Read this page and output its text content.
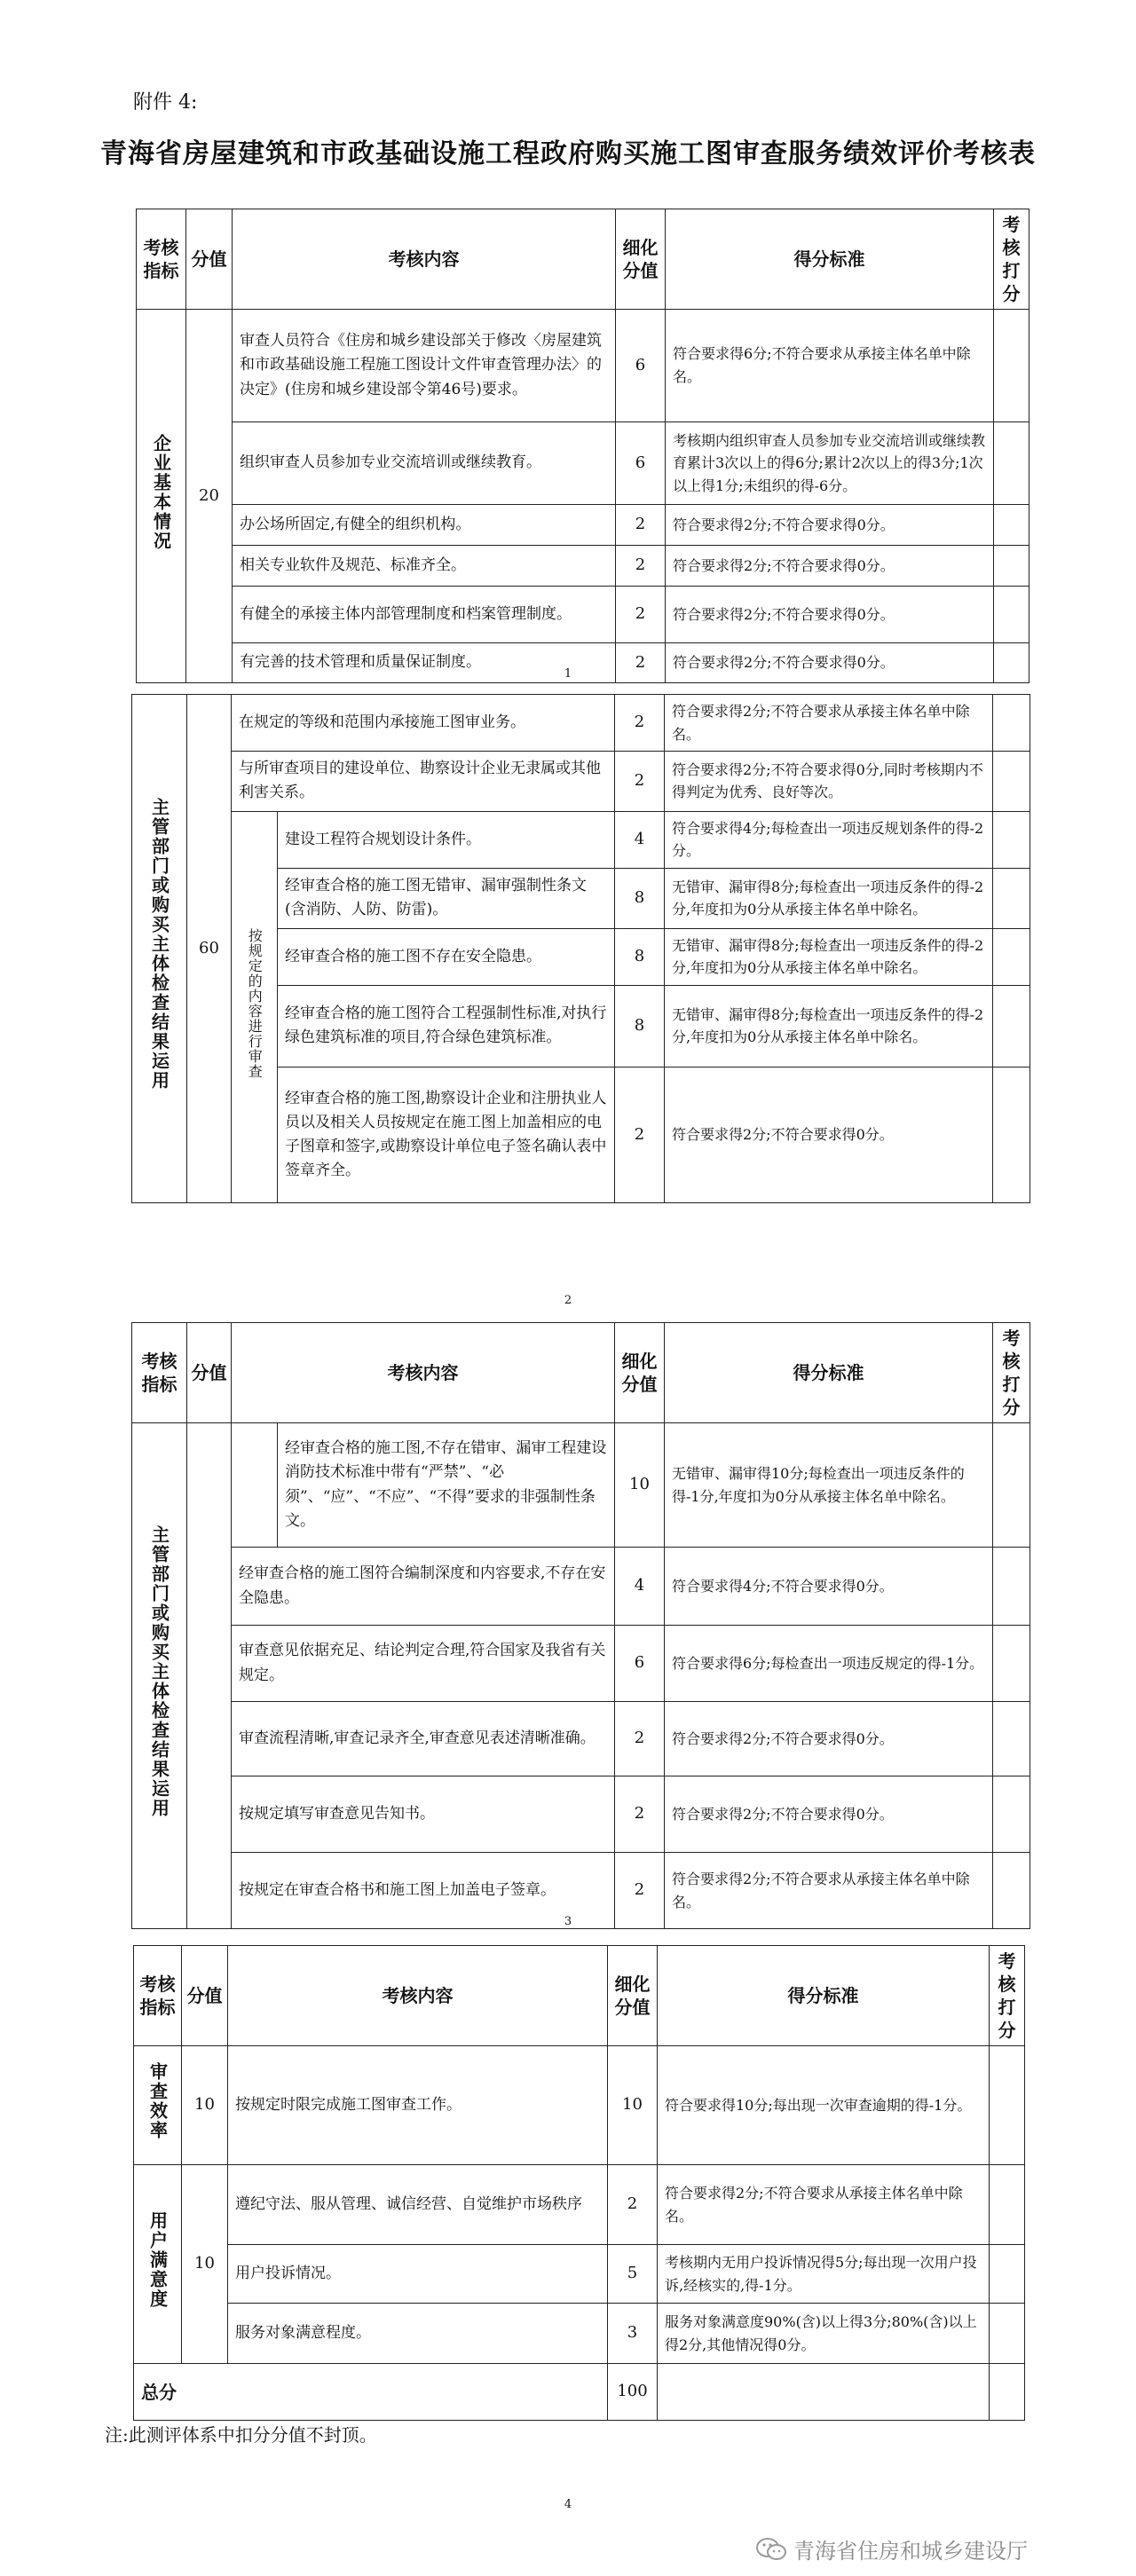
附件 4:
青海省房屋建筑和市政基础设施工程政府购买施工图审查服务绩效评价考核表
考核指标	分值	考核内容	细化分值	得分标准	考核打分
企业基本情况	20	审查人员符合《住房和城乡建设部关于修改〈房屋建筑和市政基础设施工程施工图设计文件审查管理办法〉的决定》(住房和城乡建设部令第46号)要求。	6	符合要求得6分;不符合要求从承接主体名单中除名。	
		组织审查人员参加专业交流培训或继续教育。	6	考核期内组织审查人员参加专业交流培训或继续教育累计3次以上的得6分;累计2次以上的得3分;1次以上得1分;未组织的得-6分。	
		办公场所固定,有健全的组织机构。	2	符合要求得2分;不符合要求得0分。	
		相关专业软件及规范、标准齐全。	2	符合要求得2分;不符合要求得0分。	
		有健全的承接主体内部管理制度和档案管理制度。	2	符合要求得2分;不符合要求得0分。	
		有完善的技术管理和质量保证制度。	2	符合要求得2分;不符合要求得0分。	
1
主管部门或购买主体检查结果运用	60	在规定的等级和范围内承接施工图审业务。		2	符合要求得2分;不符合要求从承接主体名单中除名。	
		与所审查项目的建设单位、勘察设计企业无隶属或其他利害关系。		2	符合要求得2分;不符合要求得0分,同时考核期内不得判定为优秀、良好等次。	
		按规定的内容进行审查	建设工程符合规划设计条件。	4	符合要求得4分;每检查出一项违反规划条件的得-2分。	
			经审查合格的施工图无错审、漏审强制性条文(含消防、人防、防雷)。	8	无错审、漏审得8分;每检查出一项违反条件的得-2分,年度扣为0分从承接主体名单中除名。	
			经审查合格的施工图不存在安全隐患。	8	无错审、漏审得8分;每检查出一项违反条件的得-2分,年度扣为0分从承接主体名单中除名。	
			经审查合格的施工图符合工程强制性标准,对执行绿色建筑标准的项目,符合绿色建筑标准。	8	无错审、漏审得8分;每检查出一项违反条件的得-2分,年度扣为0分从承接主体名单中除名。	
			经审查合格的施工图,勘察设计企业和注册执业人员以及相关人员按规定在施工图上加盖相应的电子图章和签字,或勘察设计单位电子签名确认表中签章齐全。	2	符合要求得2分;不符合要求得0分。	
2
考核指标	分值	考核内容		细化分值	得分标准	考核打分
主管部门或购买主体检查结果运用			经审查合格的施工图,不存在错审、漏审工程建设消防技术标准中带有“严禁”、“必须”、“应”、“不应”、“不得”要求的非强制性条文。	10	无错审、漏审得10分;每检查出一项违反条件的得-1分,年度扣为0分从承接主体名单中除名。	
		经审查合格的施工图符合编制深度和内容要求,不存在安全隐患。		4	符合要求得4分;不符合要求得0分。	
		审查意见依据充足、结论判定合理,符合国家及我省有关规定。		6	符合要求得6分;每检查出一项违反规定的得-1分。	
		审查流程清晰,审查记录齐全,审查意见表述清晰准确。		2	符合要求得2分;不符合要求得0分。	
		按规定填写审查意见告知书。		2	符合要求得2分;不符合要求得0分。	
		按规定在审查合格书和施工图上加盖电子签章。		2	符合要求得2分;不符合要求从承接主体名单中除名。	
3
考核指标	分值	考核内容	细化分值	得分标准	考核打分
审查效率	10	按规定时限完成施工图审查工作。	10	符合要求得10分;每出现一次审查逾期的得-1分。	
用户满意度	10	遵纪守法、服从管理、诚信经营、自觉维护市场秩序	2	符合要求得2分;不符合要求从承接主体名单中除名。	
		用户投诉情况。	5	考核期内无用户投诉情况得5分;每出现一次用户投诉,经核实的,得-1分。	
		服务对象满意程度。	3	服务对象满意度90%(含)以上得3分;80%(含)以上得2分,其他情况得0分。	
总分			100		
注:此测评体系中扣分分值不封顶。
4
青海省住房和城乡建设厅
